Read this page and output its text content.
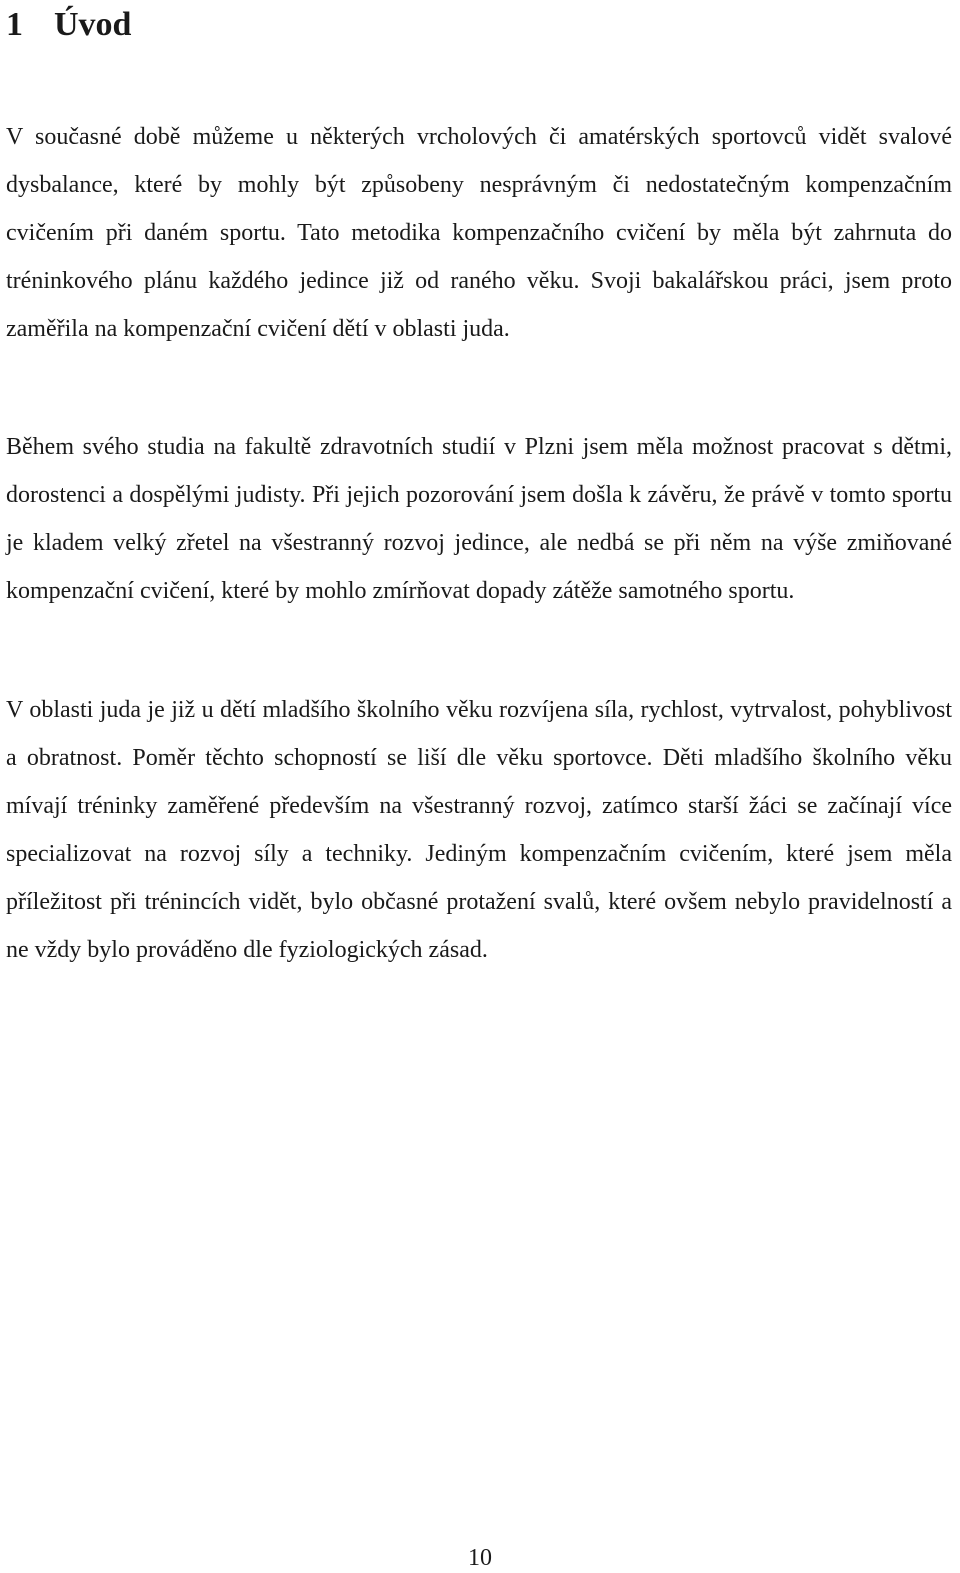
1 Úvod

V současné době můžeme u některých vrcholových či amatérských sportovců vidět svalové dysbalance, které by mohly být způsobeny nesprávným či nedostatečným kompenzačním cvičením při daném sportu. Tato metodika kompenzačního cvičení by měla být zahrnuta do tréninkového plánu každého jedince již od raného věku. Svoji bakalářskou práci, jsem proto zaměřila na kompenzační cvičení dětí v oblasti juda.

Během svého studia na fakultě zdravotních studií v Plzni jsem měla možnost pracovat s dětmi, dorostenci a dospělými judisty. Při jejich pozorování jsem došla k závěru, že právě v tomto sportu je kladem velký zřetel na všestranný rozvoj jedince, ale nedbá se při něm na výše zmiňované kompenzační cvičení, které by mohlo zmírňovat dopady zátěže samotného sportu.

V oblasti juda je již u dětí mladšího školního věku rozvíjena síla, rychlost, vytrvalost, pohyblivost a obratnost. Poměr těchto schopností se liší dle věku sportovce. Děti mladšího školního věku mívají tréninky zaměřené především na všestranný rozvoj, zatímco starší žáci se začínají více specializovat na rozvoj síly a techniky. Jediným kompenzačním cvičením, které jsem měla příležitost při trénincích vidět, bylo občasné protažení svalů, které ovšem nebylo pravidelností a ne vždy bylo prováděno dle fyziologických zásad.

10
